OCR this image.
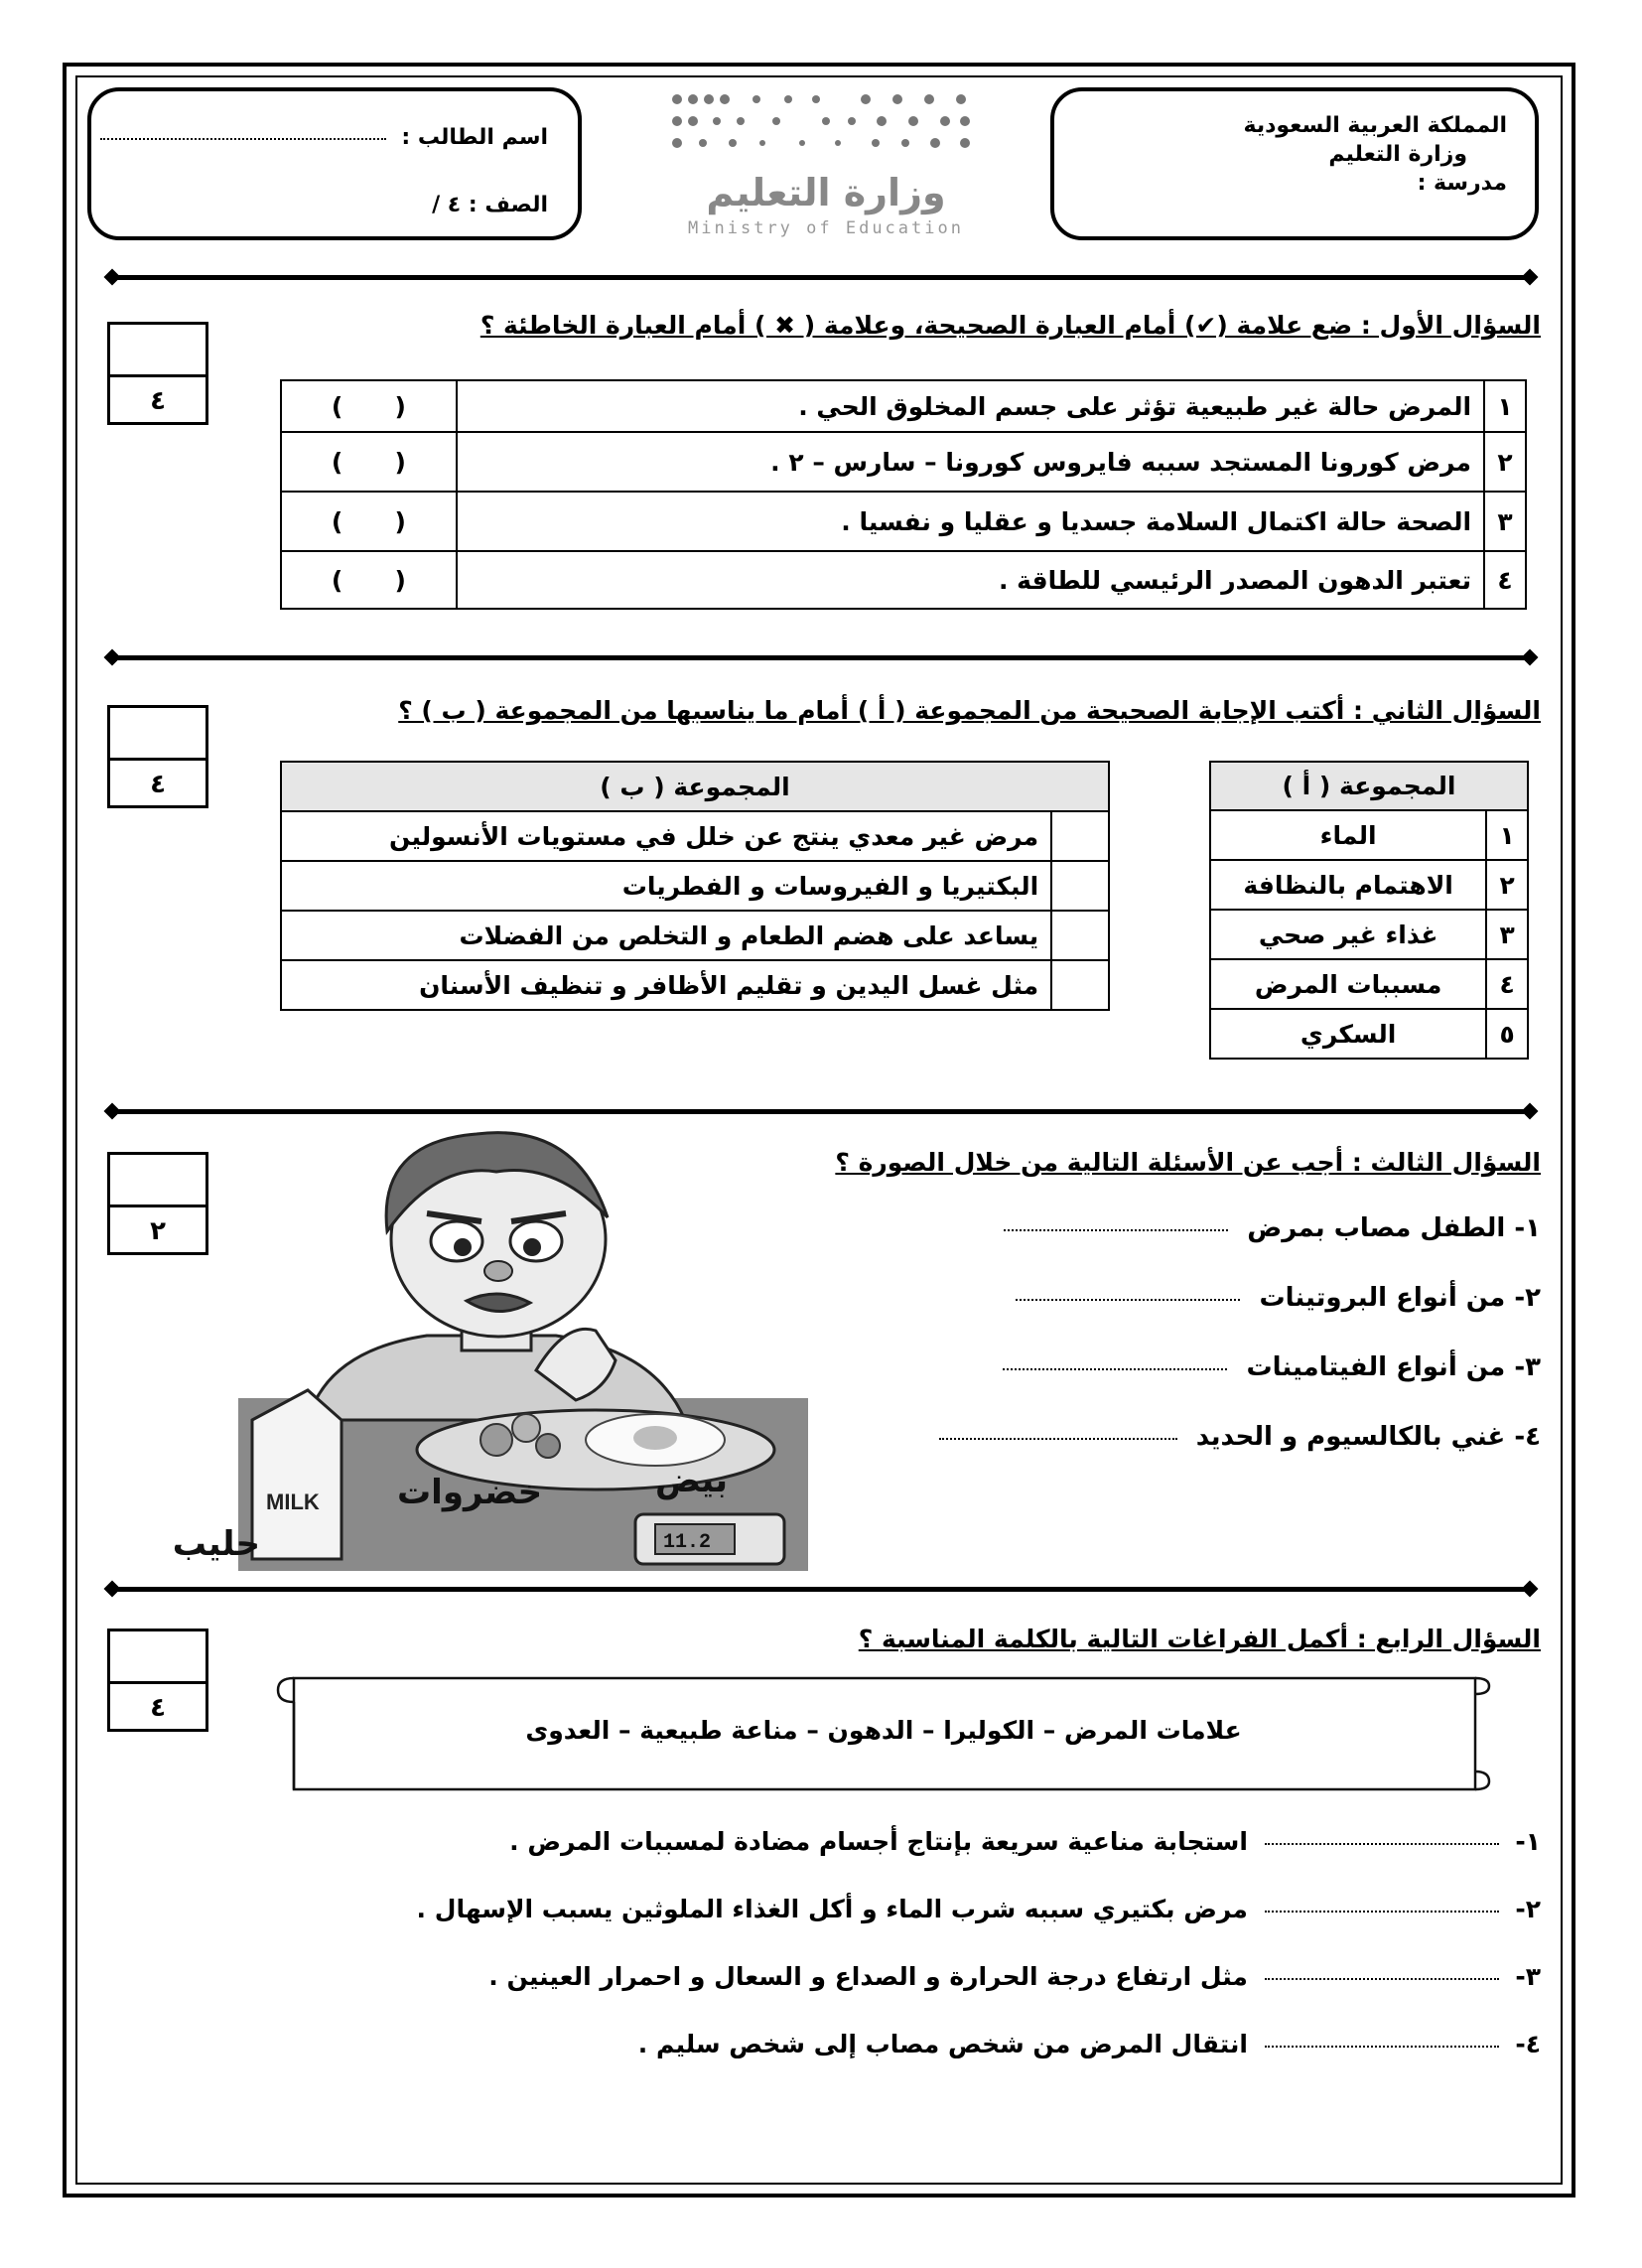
المملكة العربية السعودية
وزارة التعليم
مدرسة :
وزارة التعليم
Ministry of Education
اسم الطالب :
الصف : ٤ /
السؤال الأول : ضع علامة (✔) أمام العبارة الصحيحة، وعلامة ( ✖ ) أمام العبارة الخاطئة ؟
٤	١	المرض حالة غير طبيعية تؤثر على جسم المخلوق الحي .	(      )
٢	مرض كورونا المستجد سببه فايروس كورونا – سارس – ٢ .	(      )
٣	الصحة حالة اكتمال السلامة جسديا و عقليا و نفسيا .	(      )
٤	تعتبر الدهون المصدر الرئيسي للطاقة .	(      )
السؤال الثاني : أكتب الإجابة الصحيحة من المجموعة ( أ ) أمام ما يناسبها من المجموعة ( ب ) ؟
٤	المجموعة ( أ )	
١	الماء
٢	الاهتمام بالنظافة
٣	غذاء غير صحي
٤	مسببات المرض
٥	السكري
المجموعة ( ب )	
	مرض غير معدي ينتج عن خلل في مستويات الأنسولين
	البكتيريا و الفيروسات و الفطريات
	يساعد على هضم الطعام و التخلص من الفضلات
	مثل غسل اليدين و تقليم الأظافر و تنظيف الأسنان
السؤال الثالث : أجب عن الأسئلة التالية من خلال الصورة ؟
٢	١- الطفل مصاب بمرض
٢- من أنواع البروتينات
٣- من أنواع الفيتامينات
٤- غني بالكالسيوم و الحديد
MILK
حليب
خضروات	بيض
11.2
السؤال الرابع : أكمل الفراغات التالية بالكلمة المناسبة ؟
٤
علامات المرض – الكوليرا – الدهون – مناعة طبيعية – العدوى
١-  استجابة مناعية سريعة بإنتاج أجسام مضادة لمسببات المرض .
٢-  مرض بكتيري سببه شرب الماء و أكل الغذاء الملوثين يسبب الإسهال .
٣-  مثل ارتفاع درجة الحرارة و الصداع و السعال و احمرار العينين .
٤-  انتقال المرض من شخص مصاب إلى شخص سليم .
